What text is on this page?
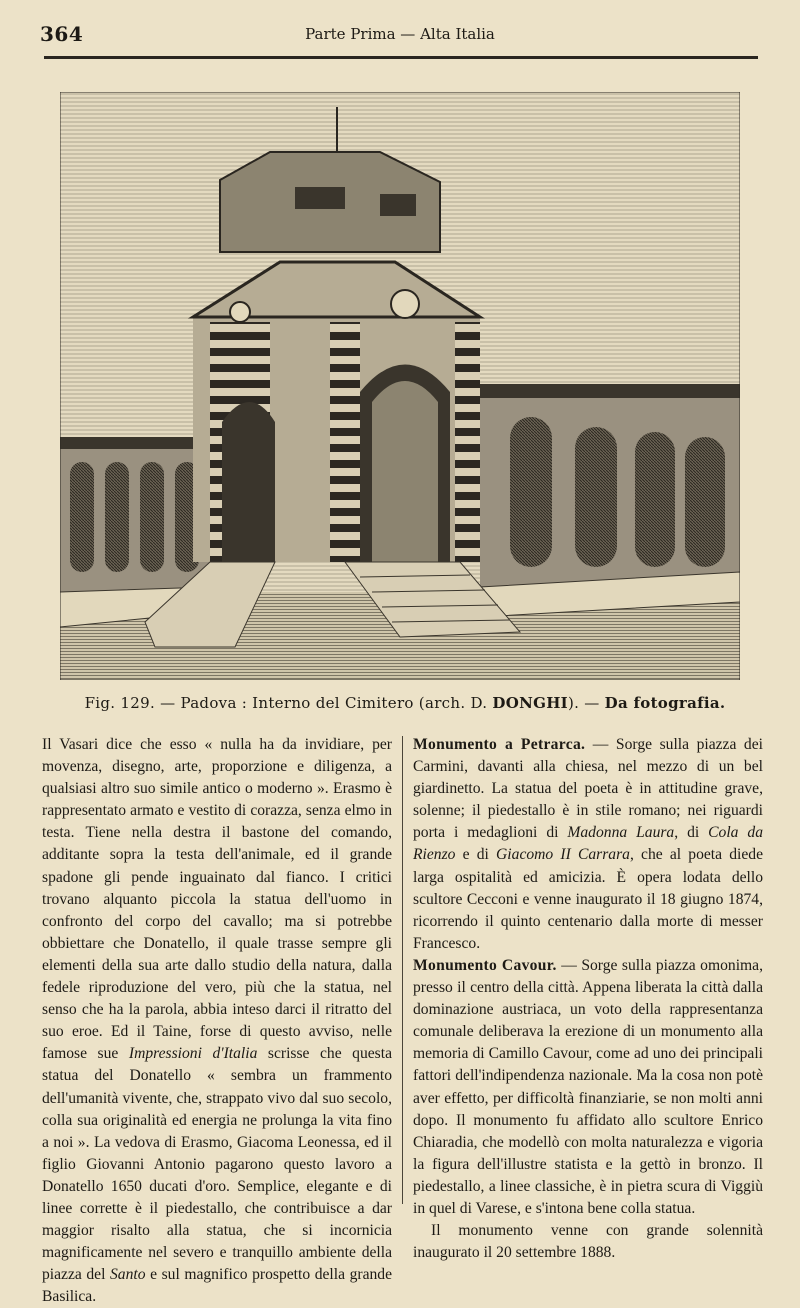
364	Parte Prima — Alta Italia
Fig. 129. — Padova : Interno del Cimitero (arch. D. DONGHI). — Da fotografia.

Il Vasari dice che esso « nulla ha da invidiare, per movenza, disegno, arte, proporzione e diligenza, a qualsiasi altro suo simile antico o moderno ». Erasmo è rappresentato armato e vestito di corazza, senza elmo in testa. Tiene nella destra il bastone del comando, additante sopra la testa dell'animale, ed il grande spadone gli pende inguainato dal fianco. I critici trovano alquanto piccola la statua dell'uomo in confronto del corpo del cavallo; ma si potrebbe obbiettare che Donatello, il quale trasse sempre gli elementi della sua arte dallo studio della natura, dalla fedele riproduzione del vero, più che la statua, nel senso che ha la parola, abbia inteso darci il ritratto del suo eroe. Ed il Taine, forse di questo avviso, nelle famose sue Impressioni d'Italia scrisse che questa statua del Donatello « sembra un frammento dell'umanità vivente, che, strappato vivo dal suo secolo, colla sua originalità ed energia ne prolunga la vita fino a noi ». La vedova di Erasmo, Giacoma Leonessa, ed il figlio Giovanni Antonio pagarono questo lavoro a Donatello 1650 ducati d'oro. Semplice, elegante e di linee corrette è il piedestallo, che contribuisce a dar maggior risalto alla statua, che si incornicia magnificamente nel severo e tranquillo ambiente della piazza del Santo e sul magnifico prospetto della grande Basilica.

Monumento a Petrarca. — Sorge sulla piazza dei Carmini, davanti alla chiesa, nel mezzo di un bel giardinetto. La statua del poeta è in attitudine grave, solenne; il piedestallo è in stile romano; nei riguardi porta i medaglioni di Madonna Laura, di Cola da Rienzo e di Giacomo II Carrara, che al poeta diede larga ospitalità ed amicizia. È opera lodata dello scultore Cecconi e venne inaugurato il 18 giugno 1874, ricorrendo il quinto centenario dalla morte di messer Francesco.

Monumento Cavour. — Sorge sulla piazza omonima, presso il centro della città. Appena liberata la città dalla dominazione austriaca, un voto della rappresentanza comunale deliberava la erezione di un monumento alla memoria di Camillo Cavour, come ad uno dei principali fattori dell'indipendenza nazionale. Ma la cosa non potè aver effetto, per difficoltà finanziarie, se non molti anni dopo. Il monumento fu affidato allo scultore Enrico Chiaradia, che modellò con molta naturalezza e vigoria la figura dell'illustre statista e la gettò in bronzo. Il piedestallo, a linee classiche, è in pietra scura di Viggiù in quel di Varese, e s'intona bene colla statua.

Il monumento venne con grande solennità inaugurato il 20 settembre 1888.
